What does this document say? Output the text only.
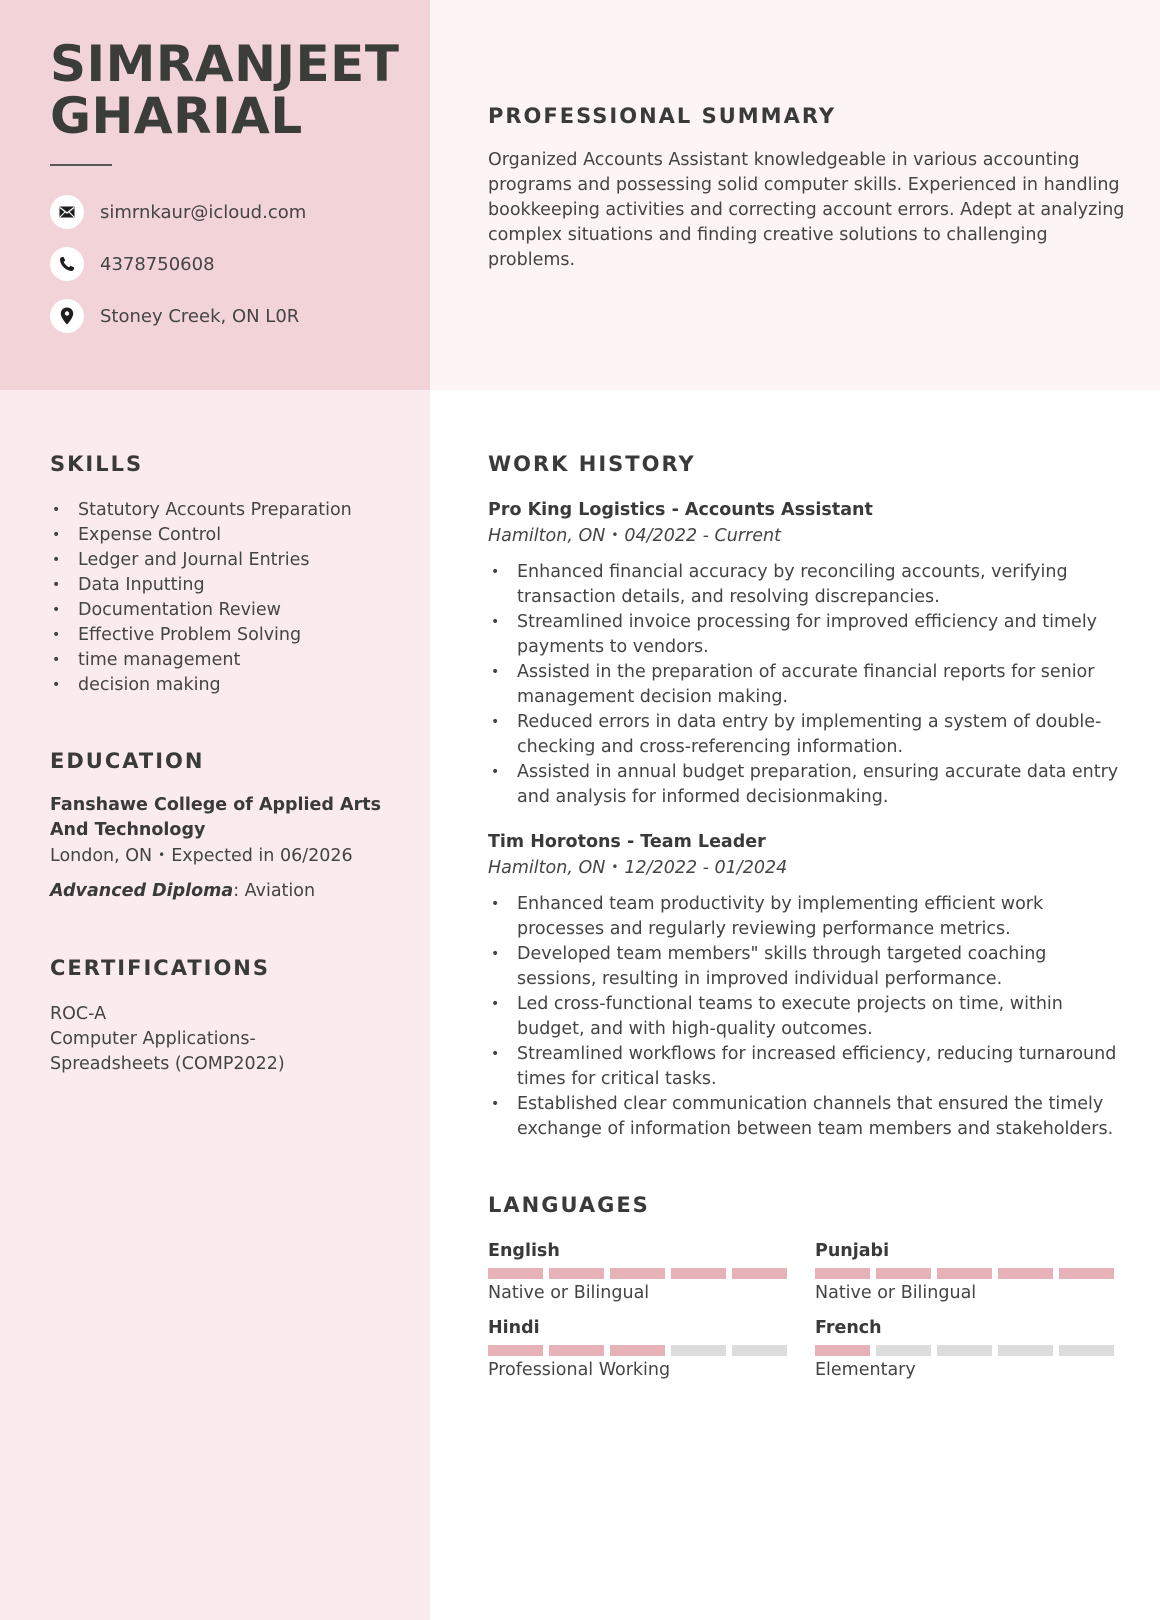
SIMRANJEET
GHARIAL
simrnkaur@icloud.com
4378750608
Stoney Creek, ON L0R
PROFESSIONAL SUMMARY
Organized Accounts Assistant knowledgeable in various accounting programs and possessing solid computer skills. Experienced in handling bookkeeping activities and correcting account errors. Adept at analyzing complex situations and finding creative solutions to challenging problems.
SKILLS
• Statutory Accounts Preparation
• Expense Control
• Ledger and Journal Entries
• Data Inputting
• Documentation Review
• Effective Problem Solving
• time management
• decision making
EDUCATION
Fanshawe College of Applied Arts
And Technology
London, ON • Expected in 06/2026
Advanced Diploma: Aviation
CERTIFICATIONS
ROC-A
Computer Applications-
Spreadsheets (COMP2022)
WORK HISTORY
Pro King Logistics - Accounts Assistant
Hamilton, ON • 04/2022 - Current
• Enhanced financial accuracy by reconciling accounts, verifying transaction details, and resolving discrepancies.
• Streamlined invoice processing for improved efficiency and timely payments to vendors.
• Assisted in the preparation of accurate financial reports for senior management decision making.
• Reduced errors in data entry by implementing a system of double-checking and cross-referencing information.
• Assisted in annual budget preparation, ensuring accurate data entry and analysis for informed decisionmaking.
Tim Horotons - Team Leader
Hamilton, ON • 12/2022 - 01/2024
• Enhanced team productivity by implementing efficient work processes and regularly reviewing performance metrics.
• Developed team members" skills through targeted coaching sessions, resulting in improved individual performance.
• Led cross-functional teams to execute projects on time, within budget, and with high-quality outcomes.
• Streamlined workflows for increased efficiency, reducing turnaround times for critical tasks.
• Established clear communication channels that ensured the timely exchange of information between team members and stakeholders.
LANGUAGES
English
Native or Bilingual
Punjabi
Native or Bilingual
Hindi
Professional Working
French
Elementary
